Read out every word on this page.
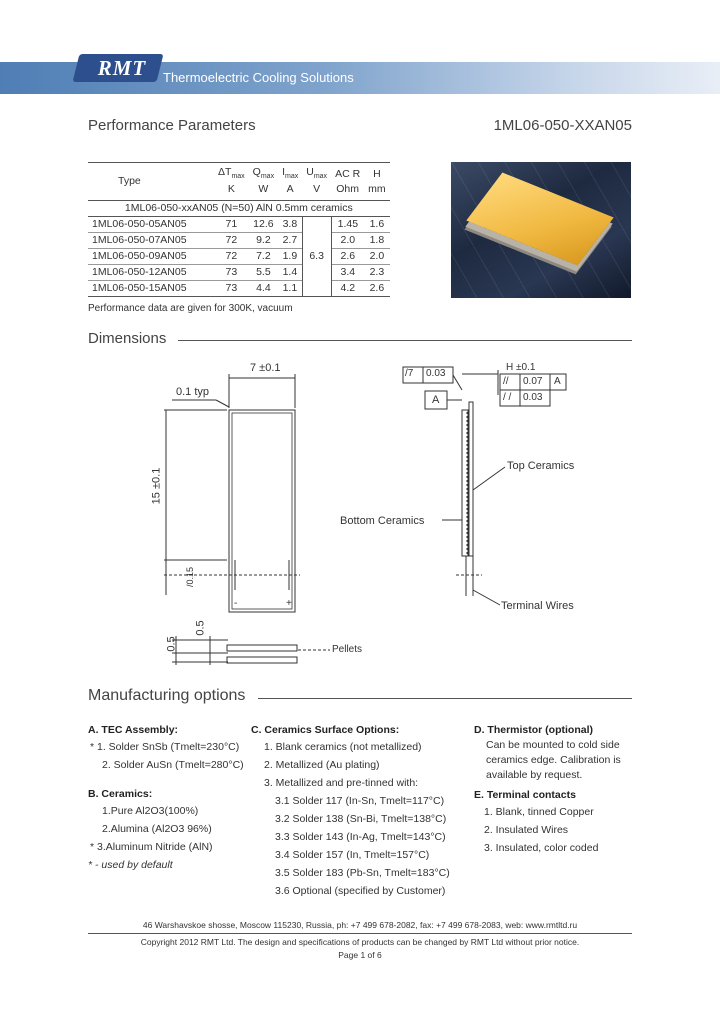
RMT	Thermoelectric Cooling Solutions
Performance Parameters	1ML06-050-XXAN05
Type	$\Delta T_{max}$	$Q_{max}$	$I_{max}$	$U_{max}$	AC R	H
	K	W	A	V	Ohm	mm
1ML06-050-xxAN05 (N=50) AlN 0.5mm ceramics						
1ML06-050-05AN05	71	12.6	3.8	6.3	1.45	1.6
1ML06-050-07AN05	72	9.2	2.7		2.0	1.8
1ML06-050-09AN05	72	7.2	1.9		2.6	2.0
1ML06-050-12AN05	73	5.5	1.4		3.4	2.3
1ML06-050-15AN05	73	4.4	1.1		4.2	2.6
Performance data are given for 300K, vacuum
Dimensions
7 ±0.1
0.1 typ
15 ±0.1
/0.15
-	+
0.5
0.5
Pellets
H ±0.1
/7 0.03
A
// 0.07 A
/ / 0.03
Top Ceramics
Bottom Ceramics
Terminal Wires
Manufacturing options
A. TEC Assembly:
* 1. Solder SnSb (Tmelt=230°C)
2. Solder AuSn (Tmelt=280°C)
B. Ceramics:
1.Pure Al2O3(100%)
2.Alumina (Al2O3 96%)
* 3.Aluminum Nitride (AlN)
* - used by default
C. Ceramics Surface Options:
1. Blank ceramics (not metallized)
2. Metallized (Au plating)
3. Metallized and pre-tinned with:
3.1 Solder 117 (In-Sn, Tmelt=117°C)
3.2 Solder 138 (Sn-Bi, Tmelt=138°C)
3.3 Solder 143 (In-Ag, Tmelt=143°C)
3.4 Solder 157 (In, Tmelt=157°C)
3.5 Solder 183 (Pb-Sn, Tmelt=183°C)
3.6 Optional (specified by Customer)
D. Thermistor (optional)
Can be mounted to cold side
ceramics edge. Calibration is
available by request.
E. Terminal contacts
1. Blank, tinned Copper
2. Insulated Wires
3. Insulated, color coded
46 Warshavskoe shosse, Moscow 115230, Russia, ph: +7 499 678-2082, fax: +7 499 678-2083, web: www.rmtltd.ru
Copyright 2012 RMT Ltd. The design and specifications of products can be changed by RMT Ltd without prior notice.
Page 1 of 6
